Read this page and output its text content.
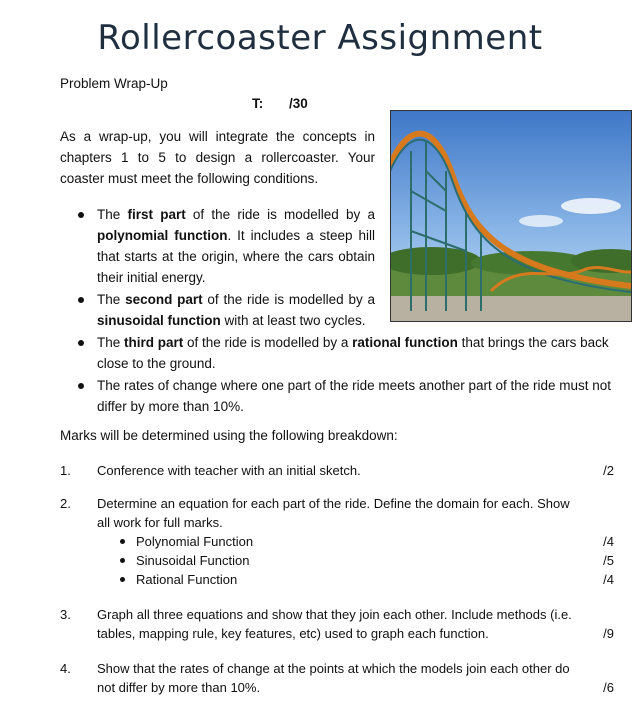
Rollercoaster Assignment
Problem Wrap-Up
T: /30
As a wrap-up, you will integrate the concepts in chapters 1 to 5 to design a rollercoaster. Your coaster must meet the following conditions.
The first part of the ride is modelled by a polynomial function. It includes a steep hill that starts at the origin, where the cars obtain their initial energy.
The second part of the ride is modelled by a sinusoidal function with at least two cycles.
The third part of the ride is modelled by a rational function that brings the cars back close to the ground.
The rates of change where one part of the ride meets another part of the ride must not differ by more than 10%.
Marks will be determined using the following breakdown:
1. Conference with teacher with an initial sketch.	/2
2. Determine an equation for each part of the ride. Define the domain for each. Show all work for full marks.
Polynomial Function	/4
Sinusoidal Function	/5
Rational Function	/4
3. Graph all three equations and show that they join each other. Include methods (i.e. tables, mapping rule, key features, etc) used to graph each function.	/9
4. Show that the rates of change at the points at which the models join each other do not differ by more than 10%.	/6
